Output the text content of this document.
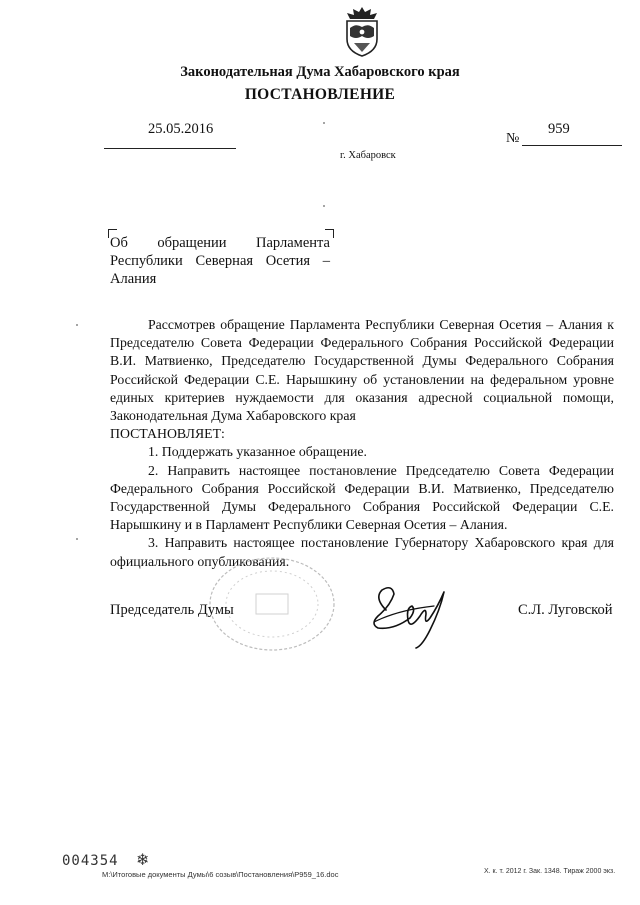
Законодательная Дума Хабаровского края
ПОСТАНОВЛЕНИЕ
25.05.2016
№
959
г. Хабаровск
Об обращении Парламента
Республики Северная Осетия –
Алания

Рассмотрев обращение Парламента Республики Северная Осетия – Алания к Председателю Совета Федерации Федерального Собрания Российской Федерации В.И. Матвиенко, Председателю Государственной Думы Федерального Собрания Российской Федерации С.Е. Нарышкину об установлении на федеральном уровне единых критериев нуждаемости для оказания адресной социальной помощи, Законодательная Дума Хабаровского края

ПОСТАНОВЛЯЕТ:

1. Поддержать указанное обращение.

2. Направить настоящее постановление Председателю Совета Федерации Федерального Собрания Российской Федерации В.И. Матвиенко, Председателю Государственной Думы Федерального Собрания Российской Федерации С.Е. Нарышкину и в Парламент Республики Северная Осетия – Алания.

3. Направить настоящее постановление Губернатору Хабаровского края для официального опубликования.

Председатель Думы	С.Л. Луговской
004354 ❄
M:\Итоговые документы Думы\6 созыв\Постановления\P959_16.doc	Х. к. т. 2012 г. Зак. 1348. Тираж 2000 экз.
